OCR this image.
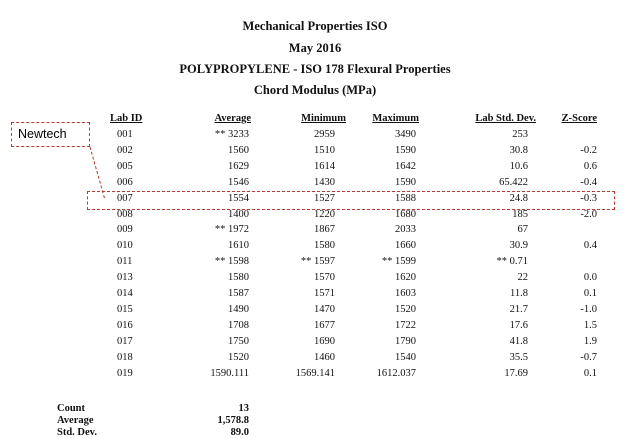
Mechanical Properties ISO
May 2016
POLYPROPYLENE - ISO 178 Flexural Properties
Chord Modulus (MPa)
Lab ID	Average	Minimum	Maximum	Lab Std. Dev. Z-Score
001	** 3233	2959	3490	253
002	1560	1510	1590	30.8	-0.2
005	1629	1614	1642	10.6	0.6
006	1546	1430	1590	65.422	-0.4
007	1554	1527	1588	24.8	-0.3
008	1400	1220	1680	185	-2.0
009	** 1972	1867	2033	67
010	1610	1580	1660	30.9	0.4
011	** 1598	** 1597	** 1599	** 0.71
013	1580	1570	1620	22	0.0
014	1587	1571	1603	11.8	0.1
015	1490	1470	1520	21.7	-1.0
016	1708	1677	1722	17.6	1.5
017	1750	1690	1790	41.8	1.9
018	1520	1460	1540	35.5	-0.7
019	1590.111	1569.141	1612.037	17.69	0.1
Newtech
Count	13
Average	1,578.8
Std. Dev.	89.0
